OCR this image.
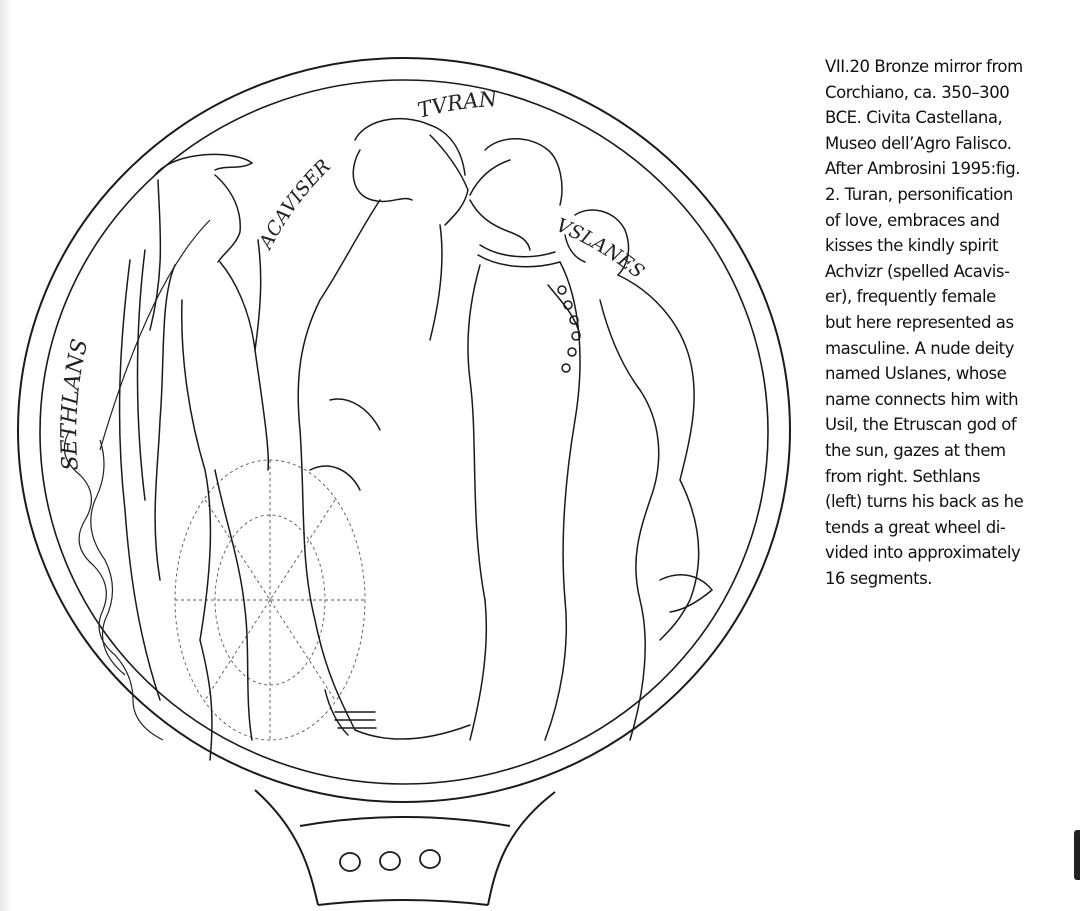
SETHLANS
ACAVISER
TVRAN
VSLANES
VII.20 Bronze mirror from
Corchiano, ca. 350–300
BCE. Civita Castellana,
Museo dell’Agro Falisco.
After Ambrosini 1995:fig.
2. Turan, personification
of love, embraces and
kisses the kindly spirit
Achvizr (spelled Acavis-
er), frequently female
but here represented as
masculine. A nude deity
named Uslanes, whose
name connects him with
Usil, the Etruscan god of
the sun, gazes at them
from right. Sethlans
(left) turns his back as he
tends a great wheel di-
vided into approximately
16 segments.
